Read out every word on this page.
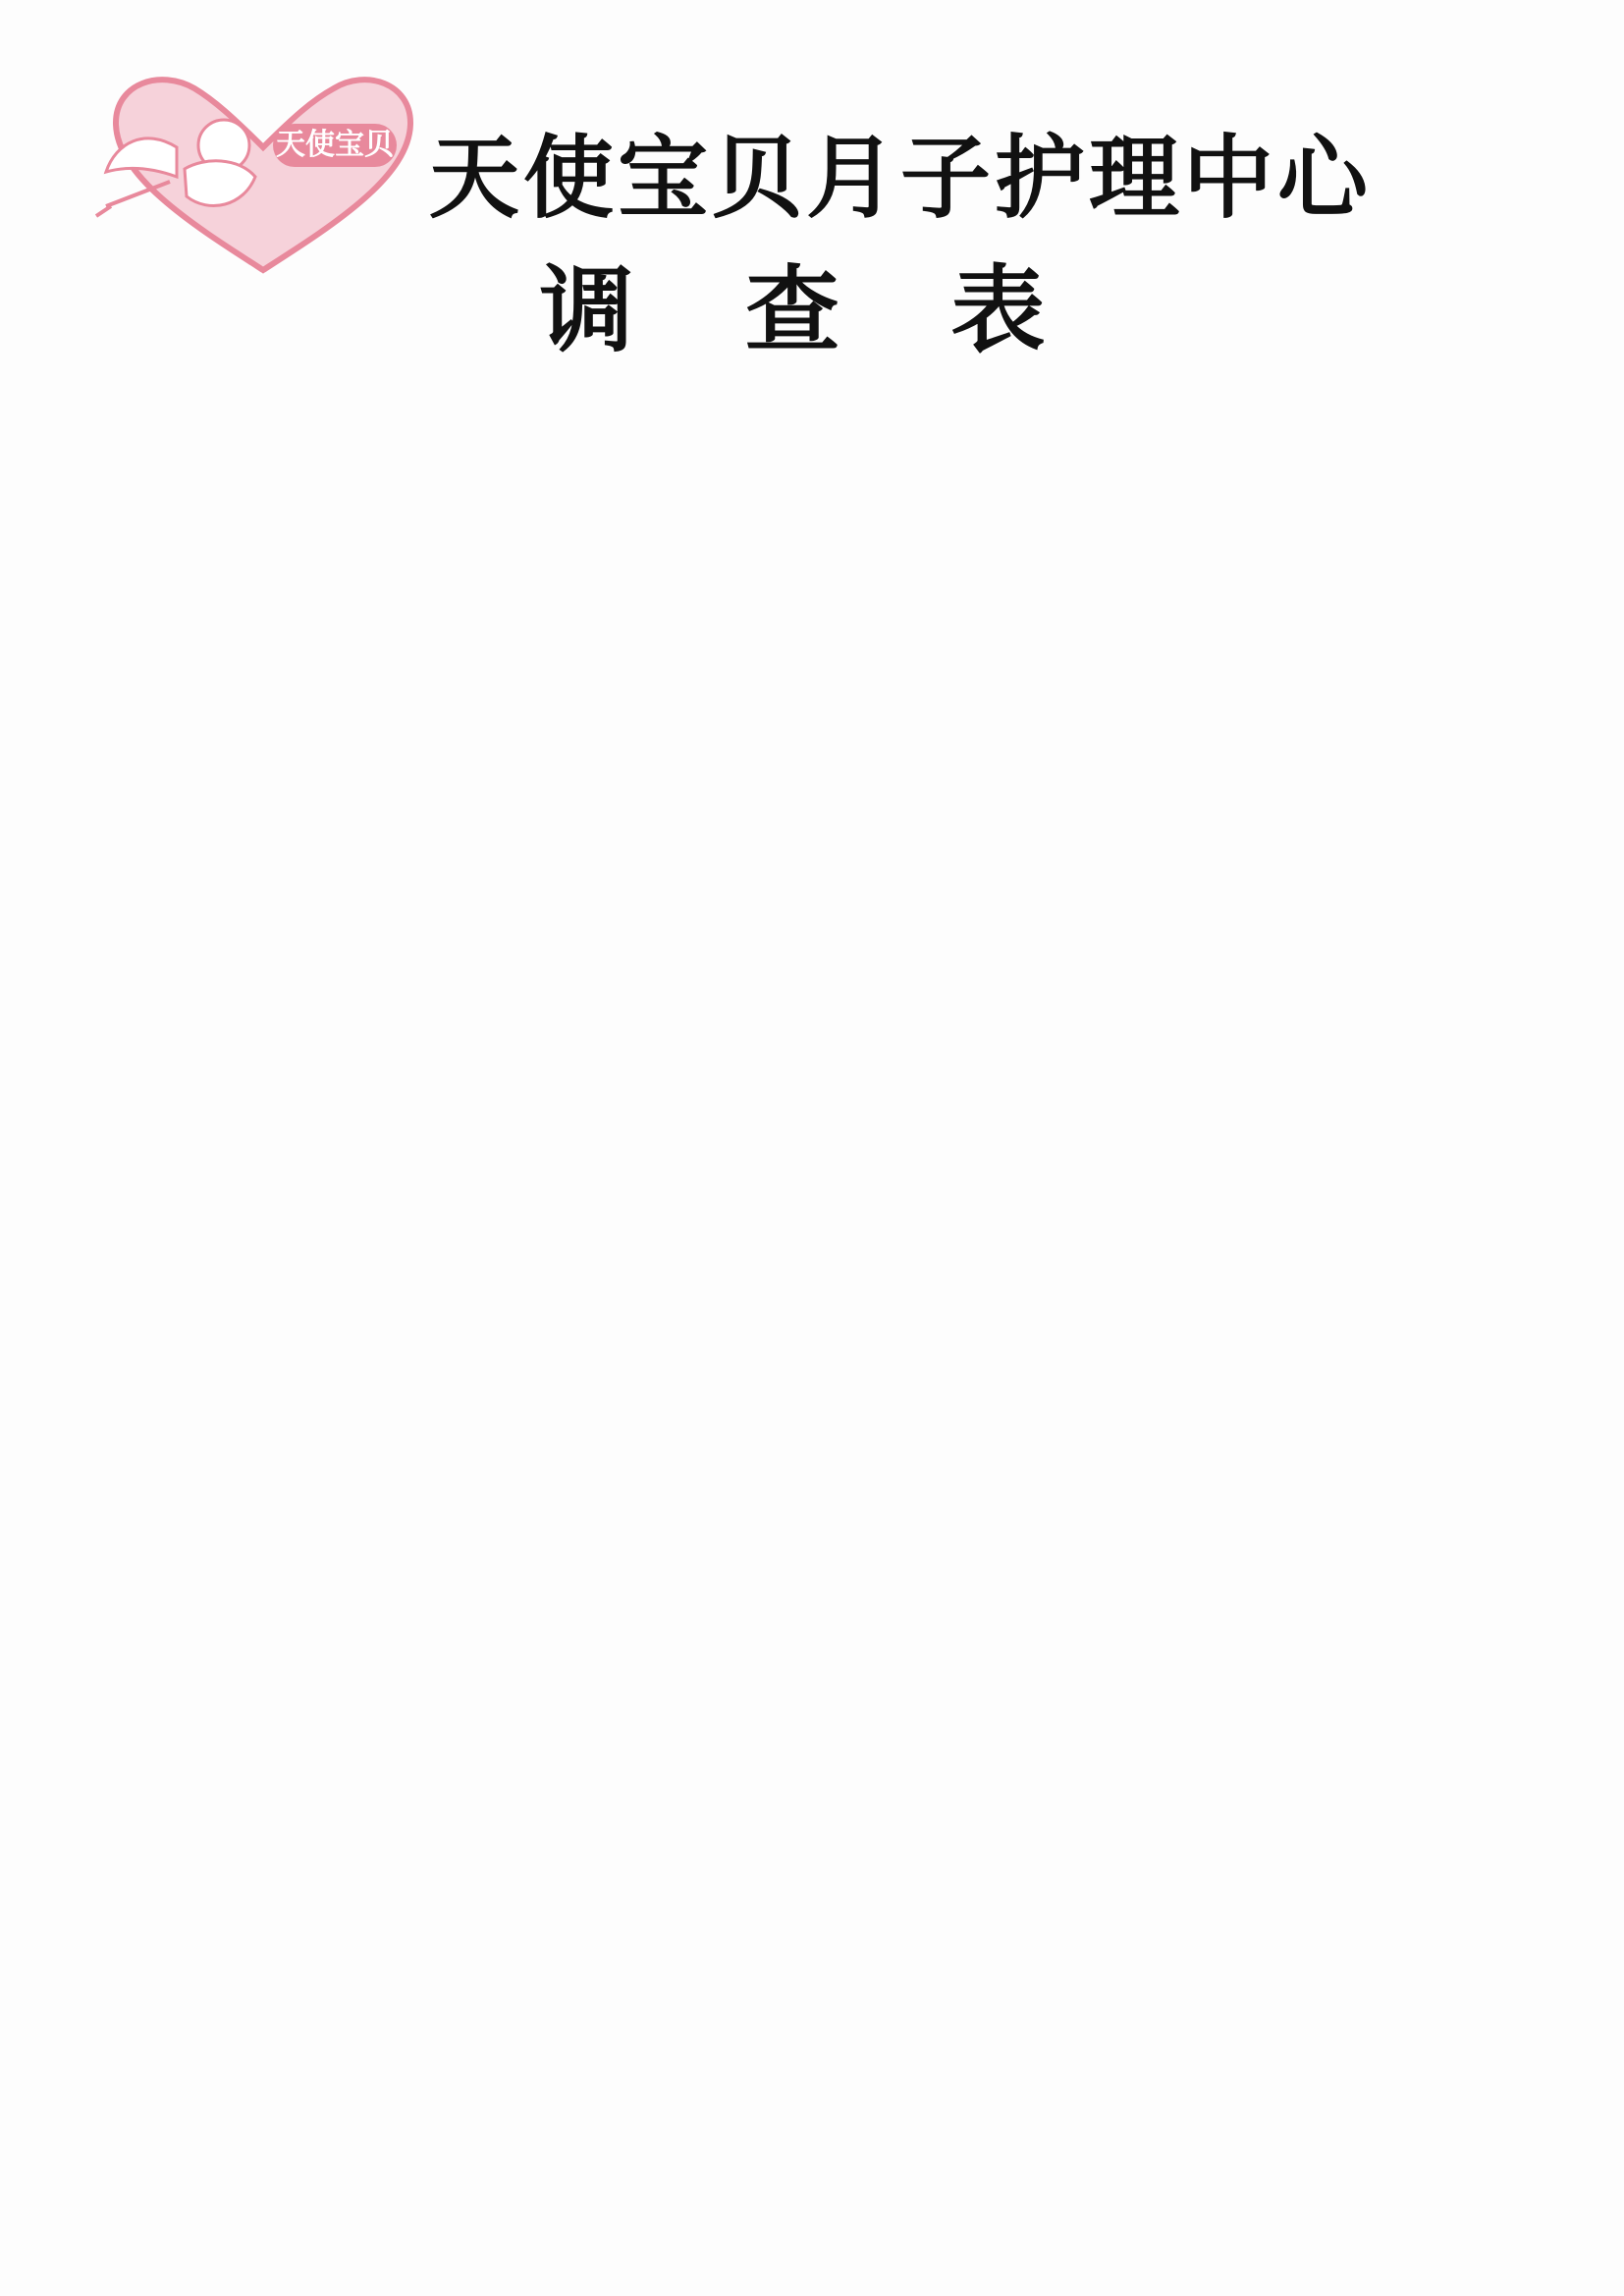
天使宝贝 天使宝贝月子护理中心
调 查 表
